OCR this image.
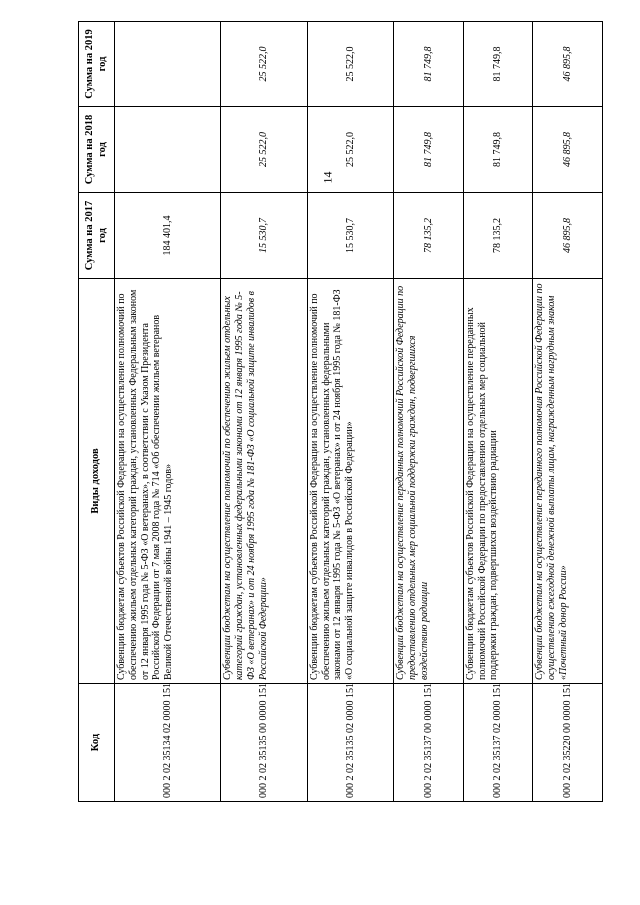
14
Код	Виды доходов	Сумма на 2017 год	Сумма на 2018 год	Сумма на 2019 год
000 2 02 35134 02 0000 151	Субвенции бюджетам субъектов Российской Федерации на осуществление полномочий по обеспечению жильем отдельных категорий граждан, установленных Федеральным законом от 12 января 1995 года № 5-ФЗ «О ветеранах», в соответствии с Указом Президента Российской Федерации от 7 мая 2008 года № 714 «Об обеспечении жильем ветеранов Великой Отечественной войны 1941 – 1945 годов»	184 401,4		
000 2 02 35135 00 0000 151	Субвенции бюджетам на осуществление полномочий по обеспечению жильем отдельных категорий граждан, установленных федеральными законами от 12 января 1995 года № 5-ФЗ «О ветеранах» и от 24 ноября 1995 года № 181-ФЗ «О социальной защите инвалидов в Российской Федерации»	15 530,7	25 522,0	25 522,0
000 2 02 35135 02 0000 151	Субвенции бюджетам субъектов Российской Федерации на осуществление полномочий по обеспечению жильем отдельных категорий граждан, установленных федеральными законами от 12 января 1995 года № 5-ФЗ «О ветеранах» и от 24 ноября 1995 года № 181-ФЗ «О социальной защите инвалидов в Российской Федерации»	15 530,7	25 522,0	25 522,0
000 2 02 35137 00 0000 151	Субвенции бюджетам на осуществление переданных полномочий Российской Федерации по предоставлению отдельных мер социальной поддержки граждан, подвергшихся воздействию радиации	78 135,2	81 749,8	81 749,8
000 2 02 35137 02 0000 151	Субвенции бюджетам субъектов Российской Федерации на осуществление переданных полномочий Российской Федерации по предоставлению отдельных мер социальной поддержки граждан, подвергшихся воздействию радиации	78 135,2	81 749,8	81 749,8
000 2 02 35220 00 0000 151	Субвенции бюджетам на осуществление переданного полномочия Российской Федерации по осуществлению ежегодной денежной выплаты лицам, награжденным нагрудным знаком «Почетный донор России»	46 895,8	46 895,8	46 895,8
